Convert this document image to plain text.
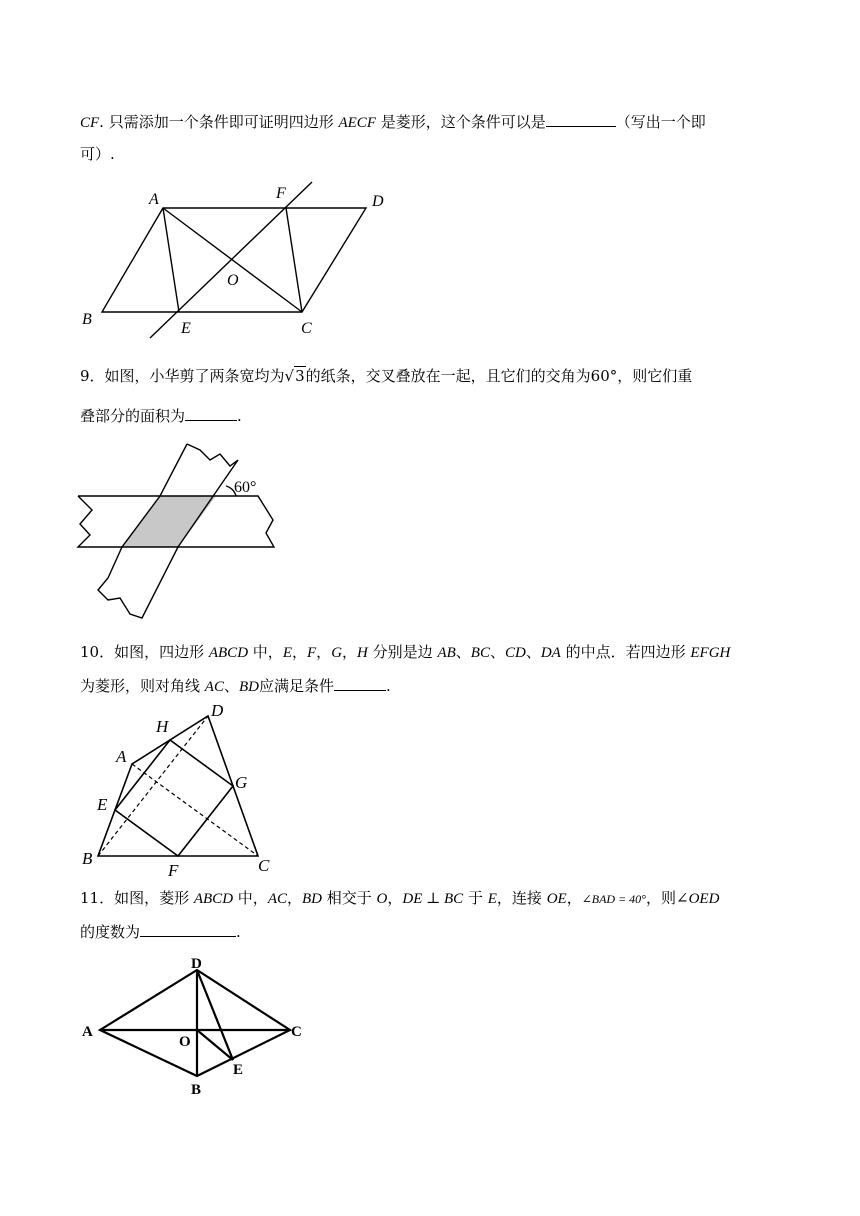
CF. 只需添加一个条件即可证明四边形 AECF 是菱形，这个条件可以是	（写出一个即
可）.
A	F	D
O
B
E	C
9．如图，小华剪了两条宽均为√3的纸条，交叉叠放在一起，且它们的交角为60°，则它们重
叠部分的面积为	.
60°
10．如图，四边形 ABCD 中，E，F，G，H 分别是边 AB、BC、CD、DA 的中点．若四边形 EFGH
为菱形，则对角线 AC、BD应满足条件	.
A
B	C
D
E
F
G
H
11．如图，菱形 ABCD 中，AC，BD 相交于 O，DE ⊥ BC 于 E，连接 OE，∠BAD = 40°，则∠OED
的度数为	.
A
B
C
D
O
E
